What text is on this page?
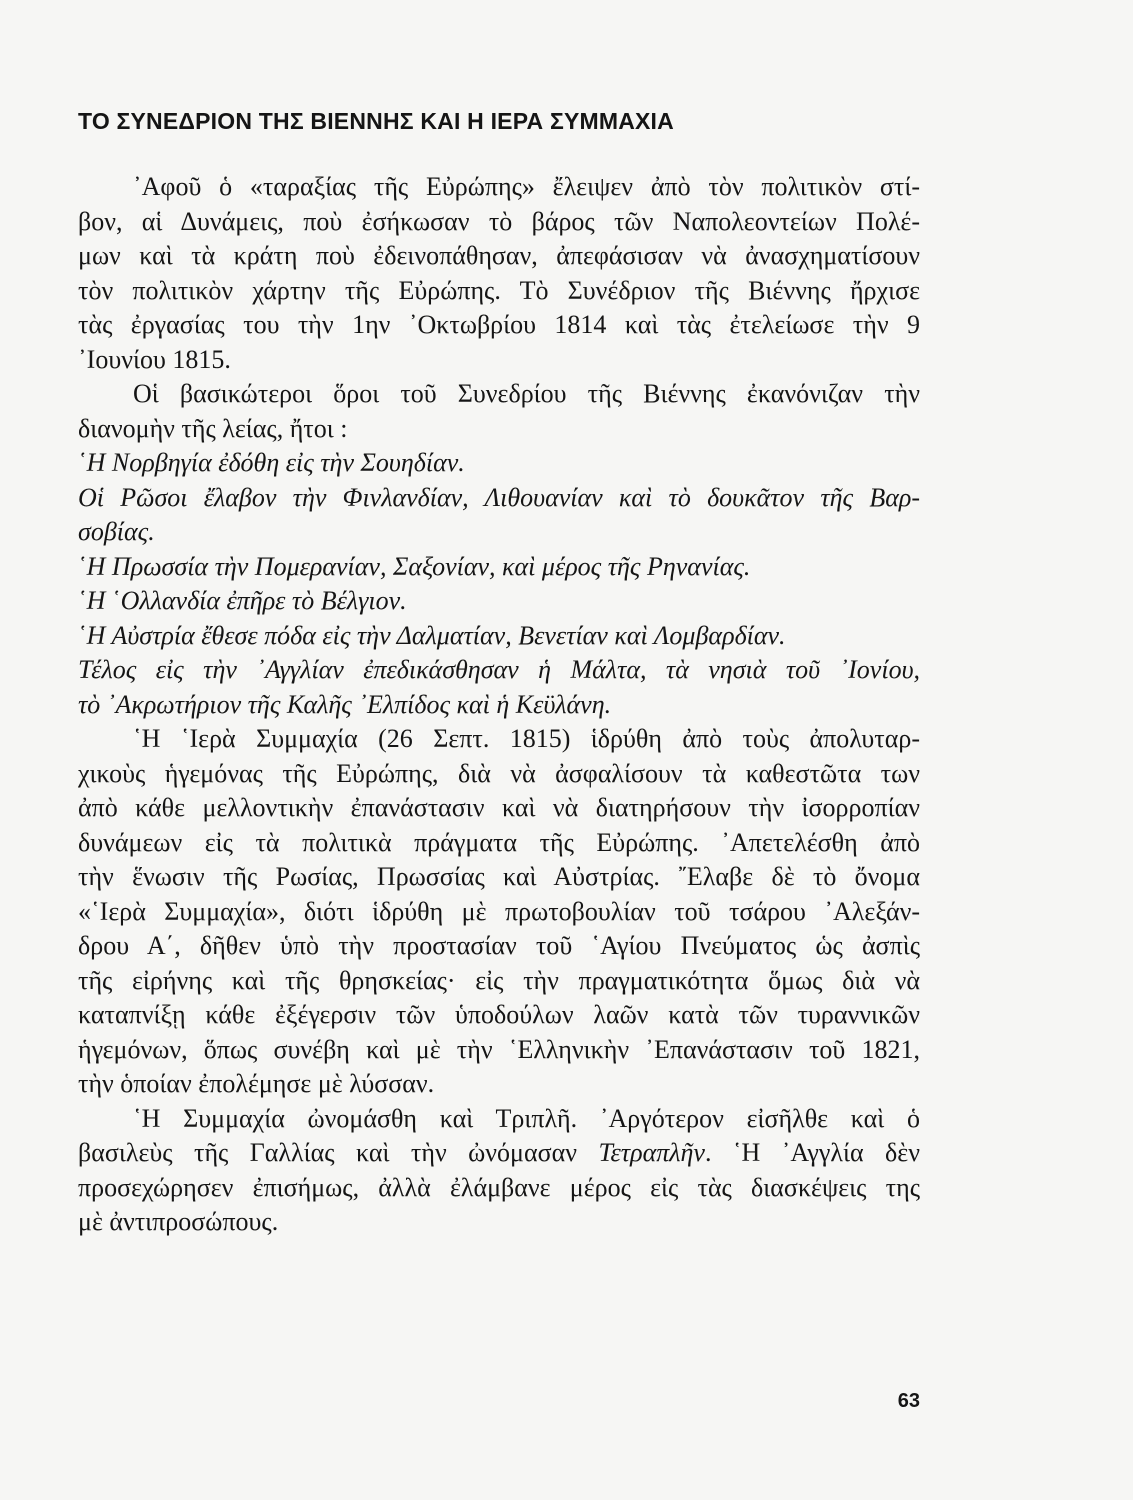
ΤΟ ΣΥΝΕΔΡΙΟΝ ΤΗΣ ΒΙΕΝΝΗΣ ΚΑΙ Η ΙΕΡΑ ΣΥΜΜΑΧΙΑ
᾿Αφοῦ ὁ «ταραξίας τῆς Εὐρώπης» ἔλειψεν ἀπὸ τὸν πολιτικὸν στί-
βον, αἱ Δυνάμεις, ποὺ ἐσήκωσαν τὸ βάρος τῶν Ναπολεοντείων Πολέ-
μων καὶ τὰ κράτη ποὺ ἐδεινοπάθησαν, ἀπεφάσισαν νὰ ἀνασχηματίσουν
τὸν πολιτικὸν χάρτην τῆς Εὐρώπης. Τὸ Συνέδριον τῆς Βιέννης ἤρχισε
τὰς ἐργασίας του τὴν 1ην ᾿Οκτωβρίου 1814 καὶ τὰς ἐτελείωσε τὴν 9
᾿Ιουνίου 1815.
Οἱ βασικώτεροι ὅροι τοῦ Συνεδρίου τῆς Βιέννης ἐκανόνιζαν τὴν
διανομὴν τῆς λείας, ἤτοι :
῾Η Νορβηγία ἐδόθη εἰς τὴν Σουηδίαν.
Οἱ Ρῶσοι ἔλαβον τὴν Φινλανδίαν, Λιθουανίαν καὶ τὸ δουκᾶτον τῆς Βαρ-
σοβίας.
῾Η Πρωσσία τὴν Πομερανίαν, Σαξονίαν, καὶ μέρος τῆς Ρηνανίας.
῾Η ῾Ολλανδία ἐπῆρε τὸ Βέλγιον.
῾Η Αὐστρία ἔθεσε πόδα εἰς τὴν Δαλματίαν, Βενετίαν καὶ Λομβαρδίαν.
Τέλος εἰς τὴν ᾿Αγγλίαν ἐπεδικάσθησαν ἡ Μάλτα, τὰ νησιὰ τοῦ ᾿Ιονίου,
τὸ ᾿Ακρωτήριον τῆς Καλῆς ᾿Ελπίδος καὶ ἡ Κεϋλάνη.
῾Η ῾Ιερὰ Συμμαχία (26 Σεπτ. 1815) ἱδρύθη ἀπὸ τοὺς ἀπολυταρ-
χικοὺς ἡγεμόνας τῆς Εὐρώπης, διὰ νὰ ἀσφαλίσουν τὰ καθεστῶτα των
ἀπὸ κάθε μελλοντικὴν ἐπανάστασιν καὶ νὰ διατηρήσουν τὴν ἰσορροπίαν
δυνάμεων εἰς τὰ πολιτικὰ πράγματα τῆς Εὐρώπης. ᾿Απετελέσθη ἀπὸ
τὴν ἕνωσιν τῆς Ρωσίας, Πρωσσίας καὶ Αὐστρίας. ῎Ελαβε δὲ τὸ ὄνομα
«῾Ιερὰ Συμμαχία», διότι ἱδρύθη μὲ πρωτοβουλίαν τοῦ τσάρου ᾿Αλεξάν-
δρου Α΄, δῆθεν ὑπὸ τὴν προστασίαν τοῦ ῾Αγίου Πνεύματος ὡς ἀσπὶς
τῆς εἰρήνης καὶ τῆς θρησκείας· εἰς τὴν πραγματικότητα ὅμως διὰ νὰ
καταπνίξῃ κάθε ἐξέγερσιν τῶν ὑποδούλων λαῶν κατὰ τῶν τυραννικῶν
ἡγεμόνων, ὅπως συνέβη καὶ μὲ τὴν ῾Ελληνικὴν ᾿Επανάστασιν τοῦ 1821,
τὴν ὁποίαν ἐπολέμησε μὲ λύσσαν.
῾Η Συμμαχία ὠνομάσθη καὶ Τριπλῆ. ᾿Αργότερον εἰσῆλθε καὶ ὁ
βασιλεὺς τῆς Γαλλίας καὶ τὴν ὠνόμασαν Τετραπλῆν. ῾Η ᾿Αγγλία δὲν
προσεχώρησεν ἐπισήμως, ἀλλὰ ἐλάμβανε μέρος εἰς τὰς διασκέψεις της
μὲ ἀντιπροσώπους.
63
